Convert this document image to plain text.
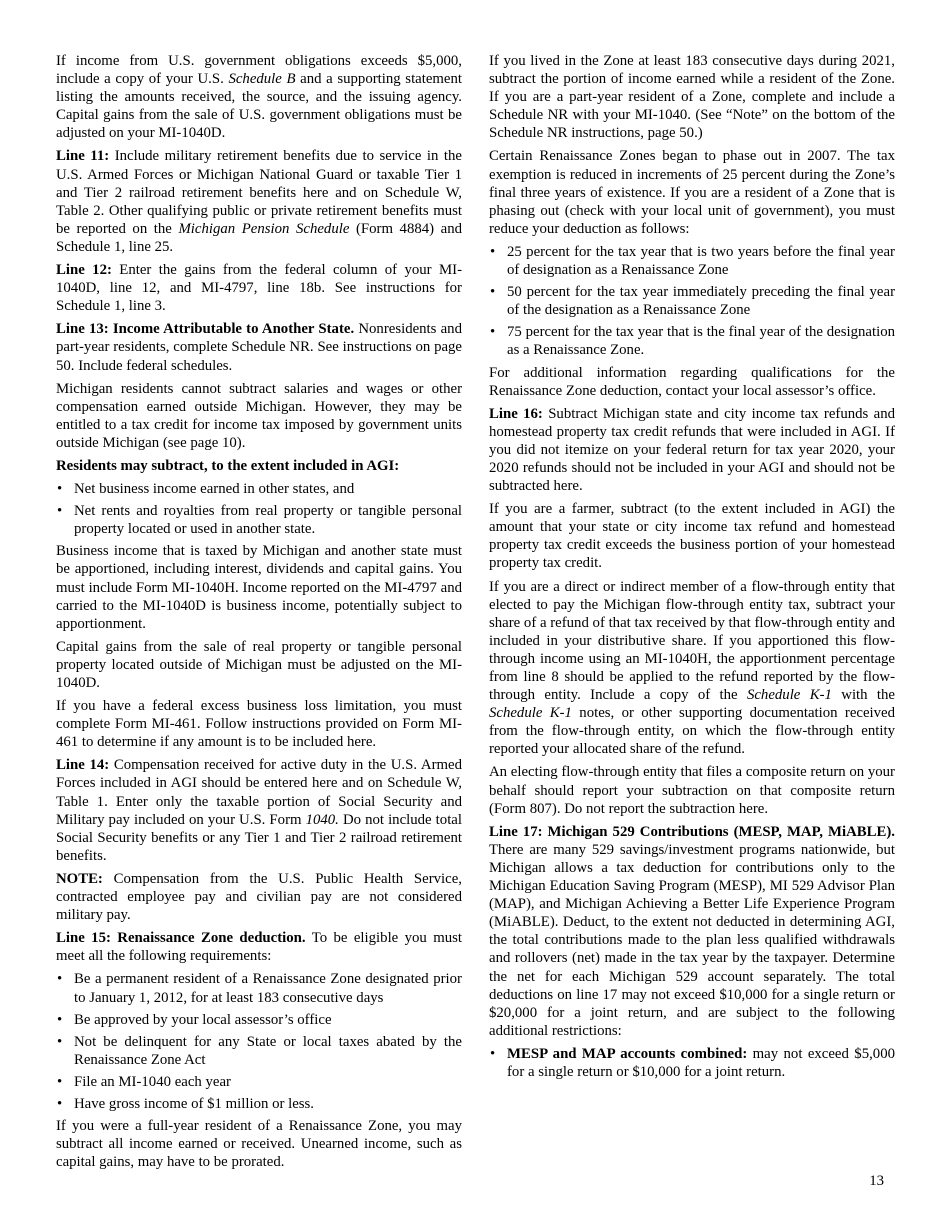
If income from U.S. government obligations exceeds $5,000, include a copy of your U.S. Schedule B and a supporting statement listing the amounts received, the source, and the issuing agency. Capital gains from the sale of U.S. government obligations must be adjusted on your MI-1040D.

Line 11: Include military retirement benefits due to service in the U.S. Armed Forces or Michigan National Guard or taxable Tier 1 and Tier 2 railroad retirement benefits here and on Schedule W, Table 2. Other qualifying public or private retirement benefits must be reported on the Michigan Pension Schedule (Form 4884) and Schedule 1, line 25.

Line 12: Enter the gains from the federal column of your MI-1040D, line 12, and MI-4797, line 18b. See instructions for Schedule 1, line 3.

Line 13: Income Attributable to Another State. Nonresidents and part-year residents, complete Schedule NR. See instructions on page 50. Include federal schedules.

Michigan residents cannot subtract salaries and wages or other compensation earned outside Michigan. However, they may be entitled to a tax credit for income tax imposed by government units outside Michigan (see page 10).

Residents may subtract, to the extent included in AGI:

• Net business income earned in other states, and
• Net rents and royalties from real property or tangible personal property located or used in another state.

Business income that is taxed by Michigan and another state must be apportioned, including interest, dividends and capital gains. You must include Form MI-1040H. Income reported on the MI-4797 and carried to the MI-1040D is business income, potentially subject to apportionment.

Capital gains from the sale of real property or tangible personal property located outside of Michigan must be adjusted on the MI-1040D.

If you have a federal excess business loss limitation, you must complete Form MI-461. Follow instructions provided on Form MI-461 to determine if any amount is to be included here.

Line 14: Compensation received for active duty in the U.S. Armed Forces included in AGI should be entered here and on Schedule W, Table 1. Enter only the taxable portion of Social Security and Military pay included on your U.S. Form 1040. Do not include total Social Security benefits or any Tier 1 and Tier 2 railroad retirement benefits.

NOTE: Compensation from the U.S. Public Health Service, contracted employee pay and civilian pay are not considered military pay.

Line 15: Renaissance Zone deduction. To be eligible you must meet all the following requirements:

• Be a permanent resident of a Renaissance Zone designated prior to January 1, 2012, for at least 183 consecutive days
• Be approved by your local assessor’s office
• Not be delinquent for any State or local taxes abated by the Renaissance Zone Act
• File an MI-1040 each year
• Have gross income of $1 million or less.

If you were a full-year resident of a Renaissance Zone, you may subtract all income earned or received. Unearned income, such as capital gains, may have to be prorated.

If you lived in the Zone at least 183 consecutive days during 2021, subtract the portion of income earned while a resident of the Zone. If you are a part-year resident of a Zone, complete and include a Schedule NR with your MI-1040. (See “Note” on the bottom of the Schedule NR instructions, page 50.)

Certain Renaissance Zones began to phase out in 2007. The tax exemption is reduced in increments of 25 percent during the Zone’s final three years of existence. If you are a resident of a Zone that is phasing out (check with your local unit of government), you must reduce your deduction as follows:

• 25 percent for the tax year that is two years before the final year of designation as a Renaissance Zone
• 50 percent for the tax year immediately preceding the final year of the designation as a Renaissance Zone
• 75 percent for the tax year that is the final year of the designation as a Renaissance Zone.

For additional information regarding qualifications for the Renaissance Zone deduction, contact your local assessor’s office.

Line 16: Subtract Michigan state and city income tax refunds and homestead property tax credit refunds that were included in AGI. If you did not itemize on your federal return for tax year 2020, your 2020 refunds should not be included in your AGI and should not be subtracted here.

If you are a farmer, subtract (to the extent included in AGI) the amount that your state or city income tax refund and homestead property tax credit exceeds the business portion of your homestead property tax credit.

If you are a direct or indirect member of a flow-through entity that elected to pay the Michigan flow-through entity tax, subtract your share of a refund of that tax received by that flow-through entity and included in your distributive share. If you apportioned this flow-through income using an MI-1040H, the apportionment percentage from line 8 should be applied to the refund reported by the flow-through entity. Include a copy of the Schedule K-1 with the Schedule K-1 notes, or other supporting documentation received from the flow-through entity, on which the flow-through entity reported your allocated share of the refund.

An electing flow-through entity that files a composite return on your behalf should report your subtraction on that composite return (Form 807). Do not report the subtraction here.

Line 17: Michigan 529 Contributions (MESP, MAP, MiABLE). There are many 529 savings/investment programs nationwide, but Michigan allows a tax deduction for contributions only to the Michigan Education Saving Program (MESP), MI 529 Advisor Plan (MAP), and Michigan Achieving a Better Life Experience Program (MiABLE). Deduct, to the extent not deducted in determining AGI, the total contributions made to the plan less qualified withdrawals and rollovers (net) made in the tax year by the taxpayer. Determine the net for each Michigan 529 account separately. The total deductions on line 17 may not exceed $10,000 for a single return or $20,000 for a joint return, and are subject to the following additional restrictions:

• MESP and MAP accounts combined: may not exceed $5,000 for a single return or $10,000 for a joint return.
13
